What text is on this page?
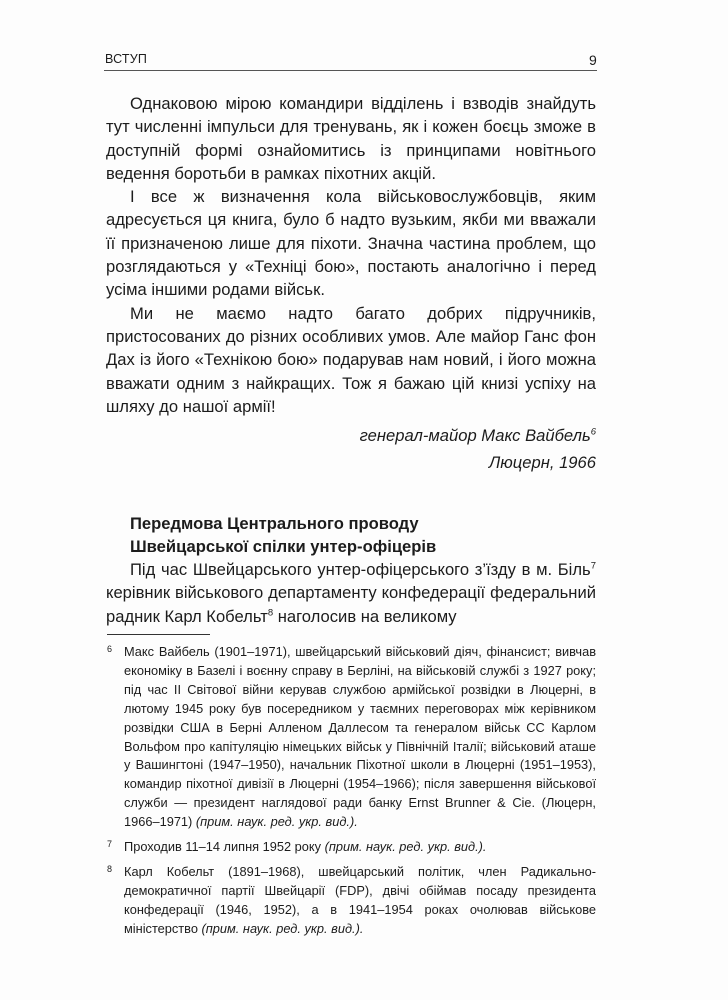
ВСТУП	9

Однаковою мірою командири відділень і взводів знайдуть тут численні імпульси для тренувань, як і кожен боєць зможе в доступній формі ознайомитись із принципами новітнього ведення боротьби в рамках піхотних акцій.

І все ж визначення кола військовослужбовців, яким адресується ця книга, було б надто вузьким, якби ми вважали її призначеною лише для піхоти. Значна частина проблем, що розглядаються у «Техніці бою», постають аналогічно і перед усіма іншими родами військ.

Ми не маємо надто багато добрих підручників, пристосованих до різних особливих умов. Але майор Ганс фон Дах із його «Технікою бою» подарував нам новий, і його можна вважати одним з найкращих. Тож я бажаю цій книзі успіху на шляху до нашої армії!

генерал-майор Макс Вайбель$^6$
Люцерн, 1966
Передмова Центрального проводу
Швейцарської спілки унтер-офіцерів

Під час Швейцарського унтер-офіцерського з’їзду в м. Біль$^7$ керівник військового департаменту конфедерації федеральний радник Карл Кобельт$^8$ наголосив на великому

6 Макс Вайбель (1901–1971), швейцарський військовий діяч, фінансист; вивчав економіку в Базелі і воєнну справу в Берліні, на військовій службі з 1927 року; під час ІІ Світової війни керував службою армійської розвідки в Люцерні, в лютому 1945 року був посередником у таємних переговорах між керівником розвідки США в Берні Алленом Даллесом та генералом військ СС Карлом Вольфом про капітуляцію німецьких військ у Північній Італії; військовий аташе у Вашингтоні (1947–1950), начальник Піхотної школи в Люцерні (1951–1953), командир піхотної дивізії в Люцерні (1954–1966); після завершення військової служби — президент наглядової ради банку Ernst Brunner & Cie. (Люцерн, 1966–1971) (прим. наук. ред. укр. вид.).
7 Проходив 11–14 липня 1952 року (прим. наук. ред. укр. вид.).
8 Карл Кобельт (1891–1968), швейцарський політик, член Радикально-демократичної партії Швейцарії (FDP), двічі обіймав посаду президента конфедерації (1946, 1952), а в 1941–1954 роках очолював військове міністерство (прим. наук. ред. укр. вид.).
